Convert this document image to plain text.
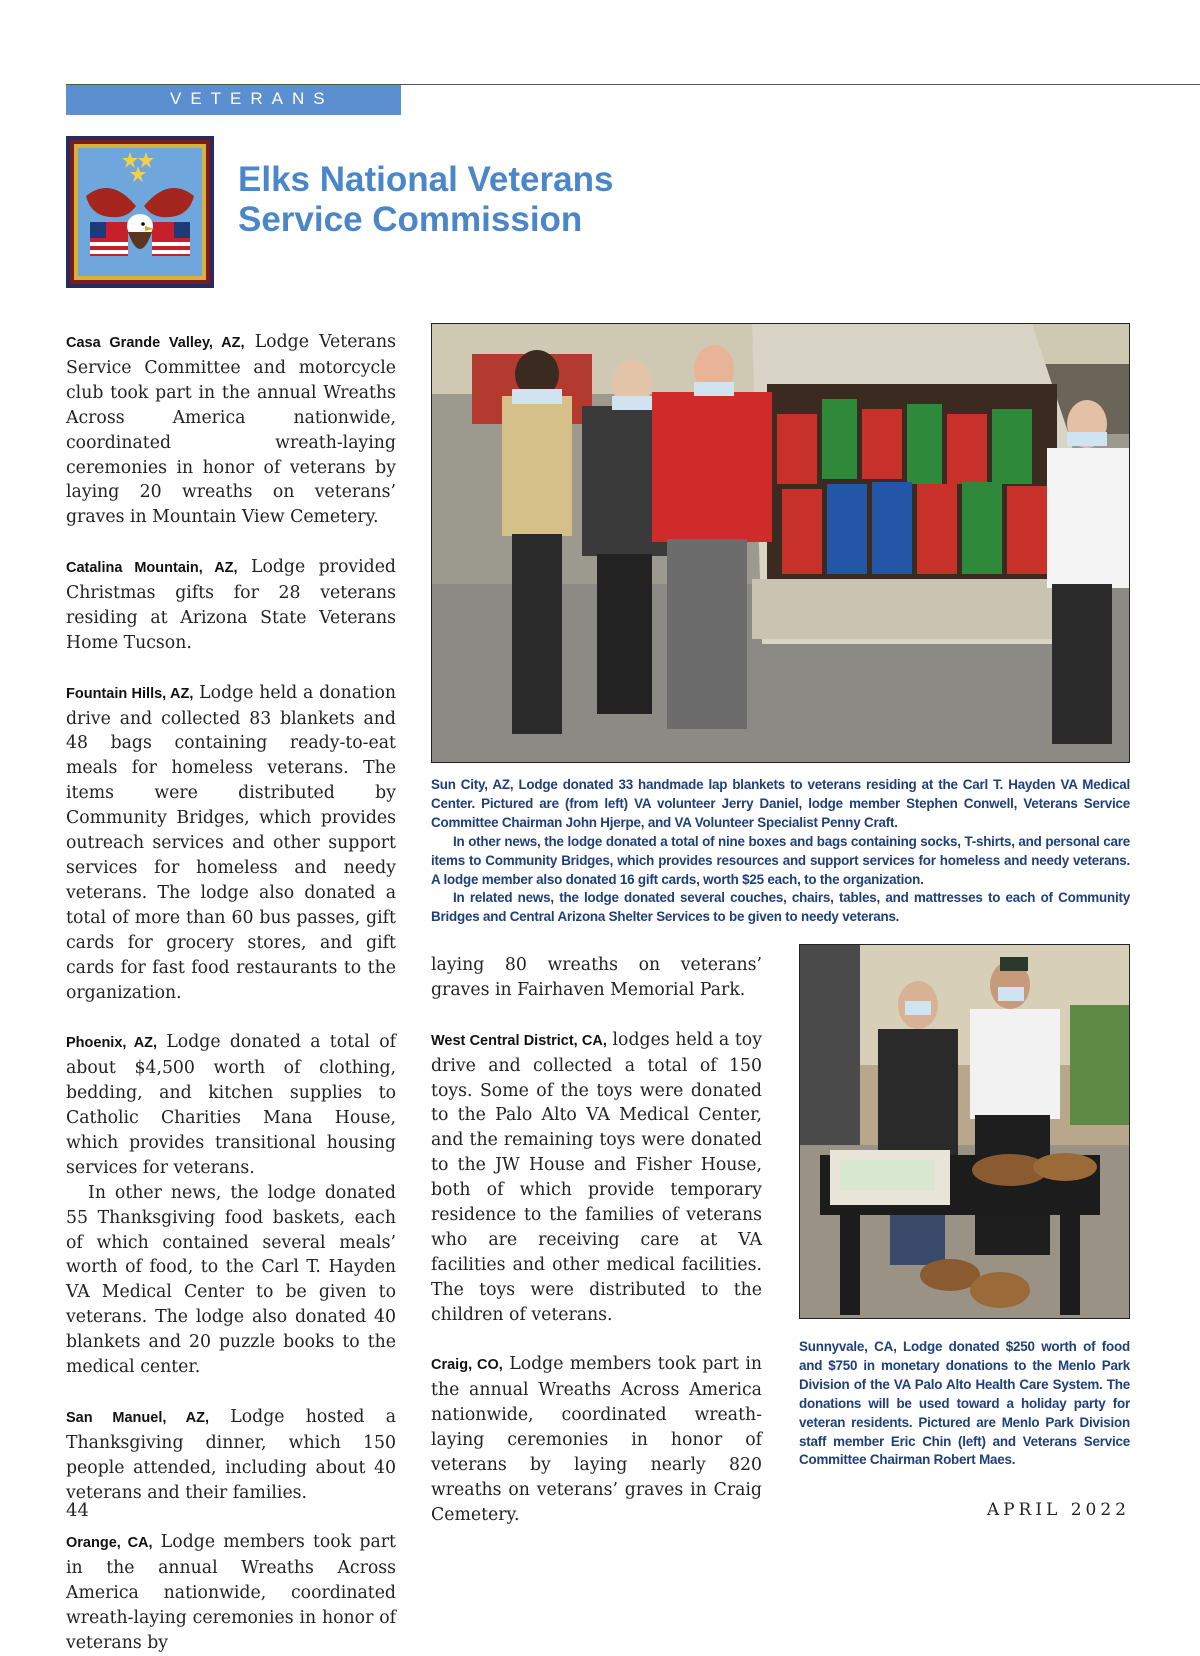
VETERANS
Elks National Veterans
Service Commission

Casa Grande Valley, AZ, Lodge Veterans Service Committee and motorcycle club took part in the annual Wreaths Across America nationwide, coordinated wreath-laying ceremonies in honor of veterans by laying 20 wreaths on veterans’ graves in Mountain View Cemetery.

Catalina Mountain, AZ, Lodge provided Christmas gifts for 28 veterans residing at Arizona State Veterans Home Tucson.

Fountain Hills, AZ, Lodge held a donation drive and collected 83 blankets and 48 bags containing ready-to-eat meals for homeless veterans. The items were distributed by Community Bridges, which provides outreach services and other support services for homeless and needy veterans. The lodge also donated a total of more than 60 bus passes, gift cards for grocery stores, and gift cards for fast food restaurants to the organization.

Phoenix, AZ, Lodge donated a total of about $4,500 worth of clothing, bedding, and kitchen supplies to Catholic Charities Mana House, which provides transitional housing services for veterans.

In other news, the lodge donated 55 Thanksgiving food baskets, each of which contained several meals’ worth of food, to the Carl T. Hayden VA Medical Center to be given to veterans. The lodge also donated 40 blankets and 20 puzzle books to the medical center.

San Manuel, AZ, Lodge hosted a Thanksgiving dinner, which 150 people attended, including about 40 veterans and their families.

Orange, CA, Lodge members took part in the annual Wreaths Across America nationwide, coordinated wreath-laying ceremonies in honor of veterans by

Sun City, AZ, Lodge donated 33 handmade lap blankets to veterans residing at the Carl T. Hayden VA Medical Center. Pictured are (from left) VA volunteer Jerry Daniel, lodge member Stephen Conwell, Veterans Service Committee Chairman John Hjerpe, and VA Volunteer Specialist Penny Craft.

In other news, the lodge donated a total of nine boxes and bags containing socks, T-shirts, and personal care items to Community Bridges, which provides resources and support services for homeless and needy veterans. A lodge member also donated 16 gift cards, worth $25 each, to the organization.

In related news, the lodge donated several couches, chairs, tables, and mattresses to each of Community Bridges and Central Arizona Shelter Services to be given to needy veterans.

laying 80 wreaths on veterans’ graves in Fairhaven Memorial Park.

West Central District, CA, lodges held a toy drive and collected a total of 150 toys. Some of the toys were donated to the Palo Alto VA Medical Center, and the remaining toys were donated to the JW House and Fisher House, both of which provide temporary residence to the families of veterans who are receiving care at VA facilities and other medical facilities. The toys were distributed to the children of veterans.

Craig, CO, Lodge members took part in the annual Wreaths Across America nationwide, coordinated wreath-laying ceremonies in honor of veterans by laying nearly 820 wreaths on veterans’ graves in Craig Cemetery.

Sunnyvale, CA, Lodge donated $250 worth of food and $750 in monetary donations to the Menlo Park Division of the VA Palo Alto Health Care System. The donations will be used toward a holiday party for veteran residents. Pictured are Menlo Park Division staff member Eric Chin (left) and Veterans Service Committee Chairman Robert Maes.

44	APRIL 2022
